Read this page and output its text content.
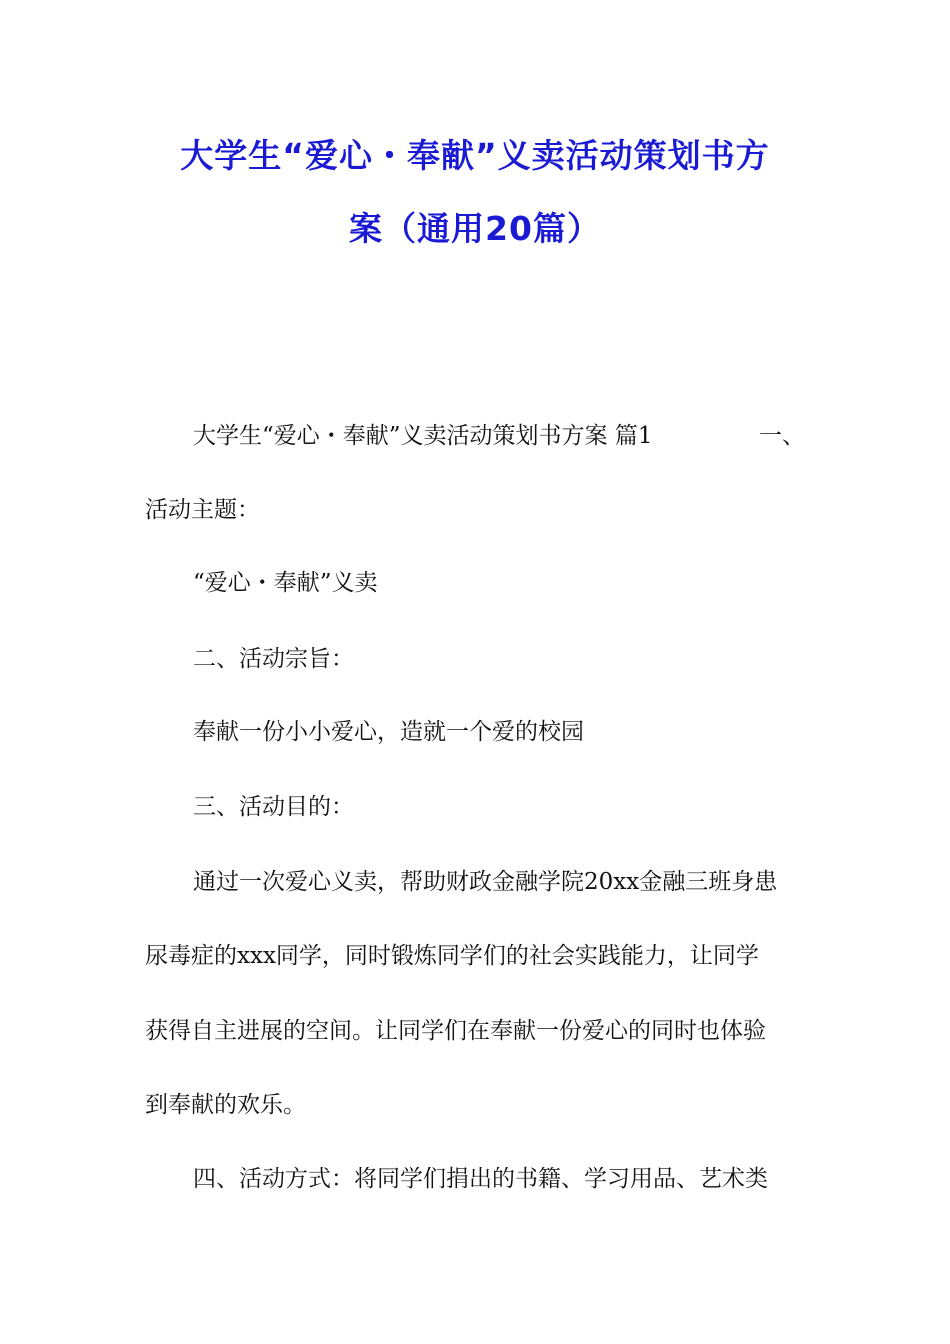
大学生“爱心・奉献”义卖活动策划书方
案（通用20篇）
大学生“爱心・奉献”义卖活动策划书方案 篇1	一、
活动主题：
“爱心・奉献”义卖
二、活动宗旨：
奉献一份小小爱心，造就一个爱的校园
三、活动目的：
通过一次爱心义卖，帮助财政金融学院20xx金融三班身患
尿毒症的xxx同学，同时锻炼同学们的社会实践能力，让同学
获得自主进展的空间。让同学们在奉献一份爱心的同时也体验
到奉献的欢乐。
四、活动方式：将同学们捐出的书籍、学习用品、艺术类
